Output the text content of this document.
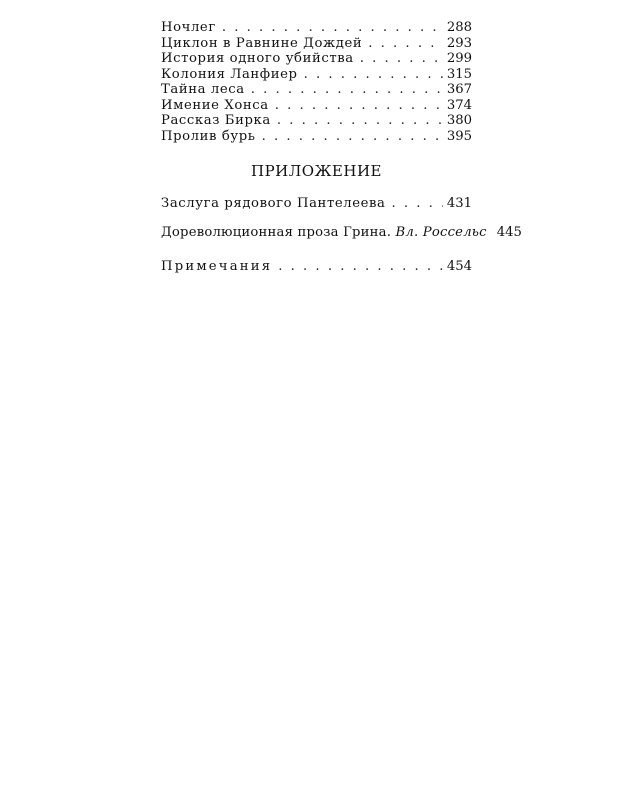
Ночлег . . .	288
Циклон в Равнине Дождей . . .	293
История одного убийства . . .	299
Колония Ланфиер . . .	315
Тайна леса . . .	367
Имение Хонса . . .	374
Рассказ Бирка . . .	380
Пролив бурь . . .	395
ПРИЛОЖЕНИЕ
Заслуга рядового Пантелеева . . .	431
Дореволюционная проза Грина. Вл. Россельс 445
Примечания . . .	454
